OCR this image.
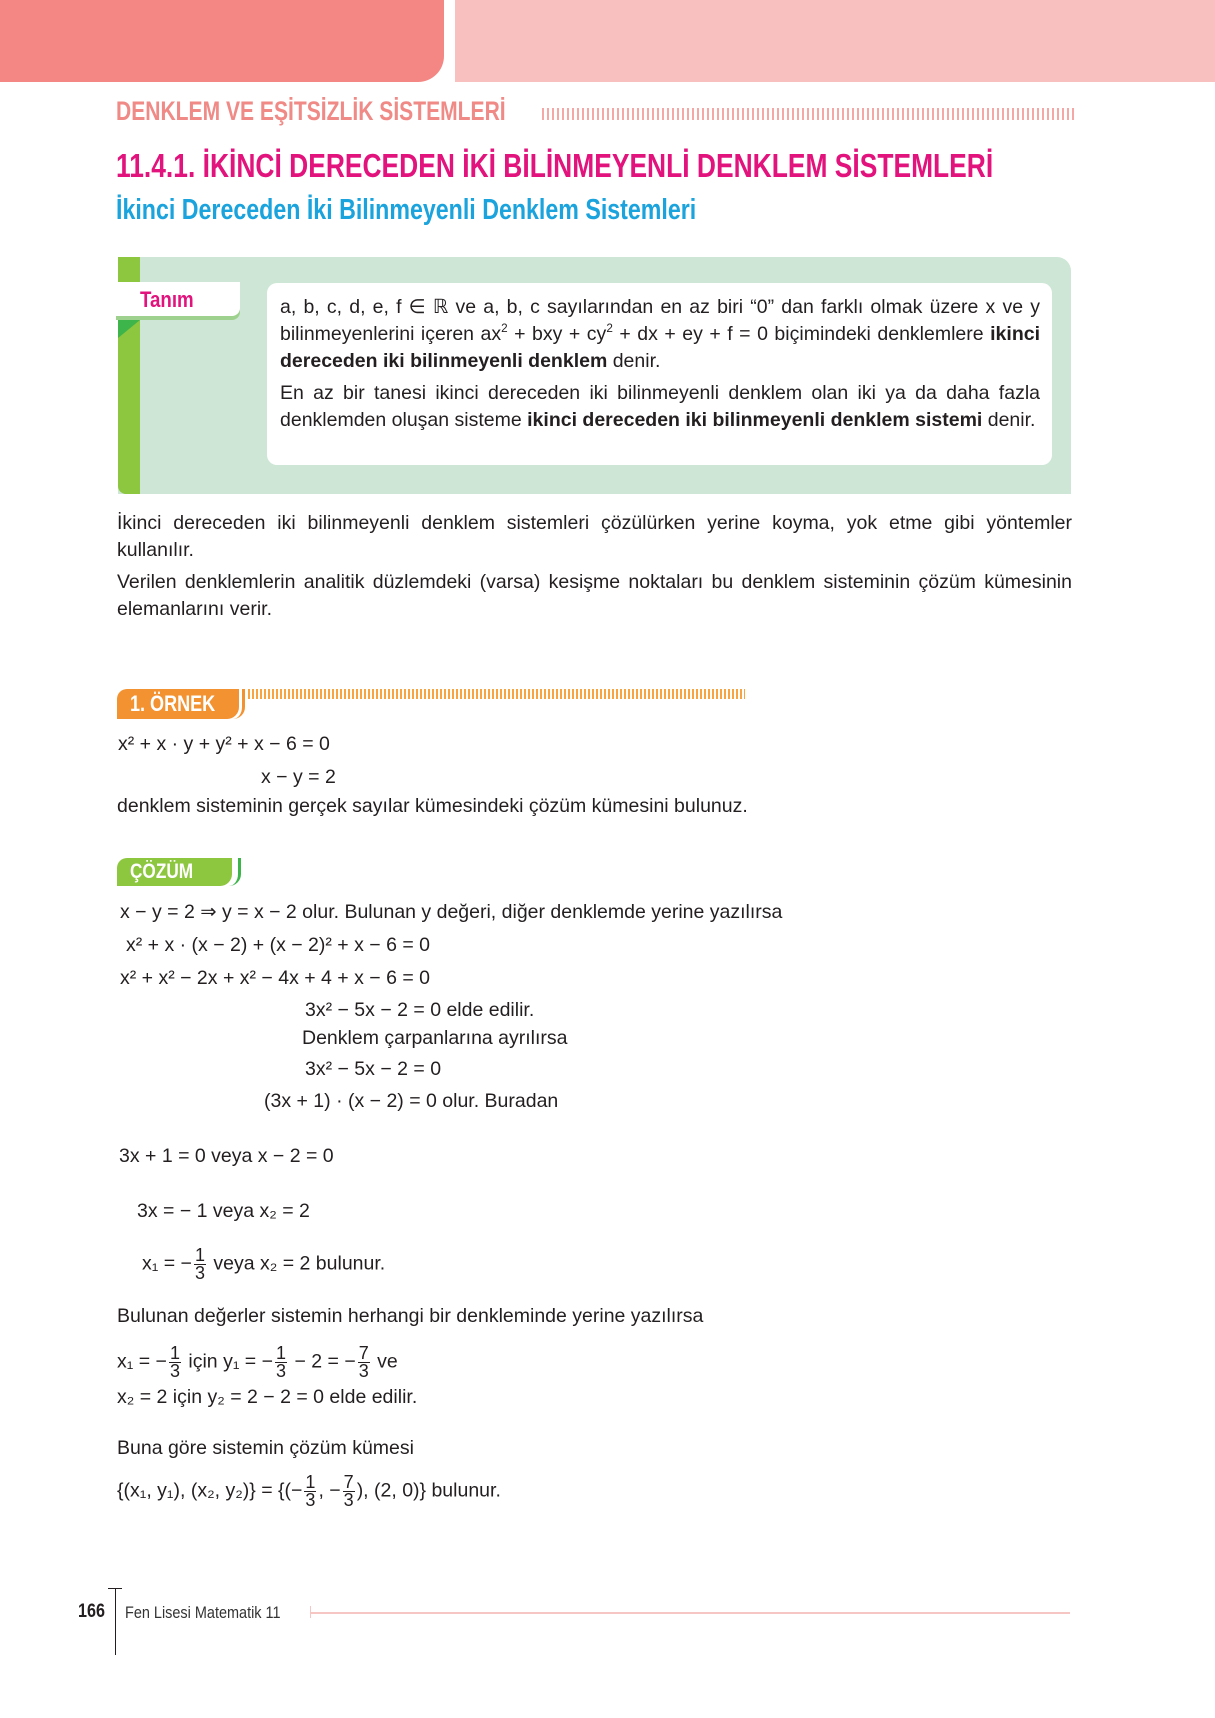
DENKLEM VE EŞİTSİZLİK SİSTEMLERİ
11.4.1. İKİNCİ DERECEDEN İKİ BİLİNMEYENLİ DENKLEM SİSTEMLERİ
İkinci Dereceden İki Bilinmeyenli Denklem Sistemleri
Tanım	a, b, c, d, e, f ∈ ℝ ve a, b, c sayılarından en az biri “0” dan farklı olmak üzere x ve y bilinmeyenlerini içeren $ax^2$ + bxy + $cy^2$ + dx + ey + f = 0 biçimindeki denklemlere ikinci dereceden iki bilinmeyenli denklem denir.

En az bir tanesi ikinci dereceden iki bilinmeyenli denklem olan iki ya da daha fazla denklemden oluşan sisteme ikinci dereceden iki bilinmeyenli denklem sistemi denir.

İkinci dereceden iki bilinmeyenli denklem sistemleri çözülürken yerine koyma, yok etme gibi yöntemler kullanılır.

Verilen denklemlerin analitik düzlemdeki (varsa) kesişme noktaları bu denklem sisteminin çözüm kümesinin elemanlarını verir.

1. ÖRNEK
x² + x · y + y² + x − 6 = 0
x − y = 2
denklem sisteminin gerçek sayılar kümesindeki çözüm kümesini bulunuz.
ÇÖZÜM
x − y = 2 ⇒ y = x − 2 olur. Bulunan y değeri, diğer denklemde yerine yazılırsa
x² + x · (x − 2) + (x − 2)² + x − 6 = 0
x² + x² − 2x + x² − 4x + 4 + x − 6 = 0
3x² − 5x − 2 = 0 elde edilir.
Denklem çarpanlarına ayrılırsa
3x² − 5x − 2 = 0
(3x + 1) · (x − 2) = 0 olur. Buradan
3x + 1 = 0 veya x − 2 = 0
3x = − 1 veya x₂ = 2
x₁ = − $\frac{1}{3}$ veya x₂ = 2 bulunur.
Bulunan değerler sistemin herhangi bir denkleminde yerine yazılırsa
x₁ = − $\frac{1}{3}$ için y₁ = − $\frac{1}{3} - 2$ = − $\frac{7}{3}$ ve
x₂ = 2 için y₂ = 2 − 2 = 0 elde edilir.
Buna göre sistemin çözüm kümesi
{(x₁, y₁), (x₂, y₂)} = {(− $\frac{1}{3}$ , − $\frac{7}{3}$ ), (2, 0)} bulunur.
166 Fen Lisesi Matematik 11
